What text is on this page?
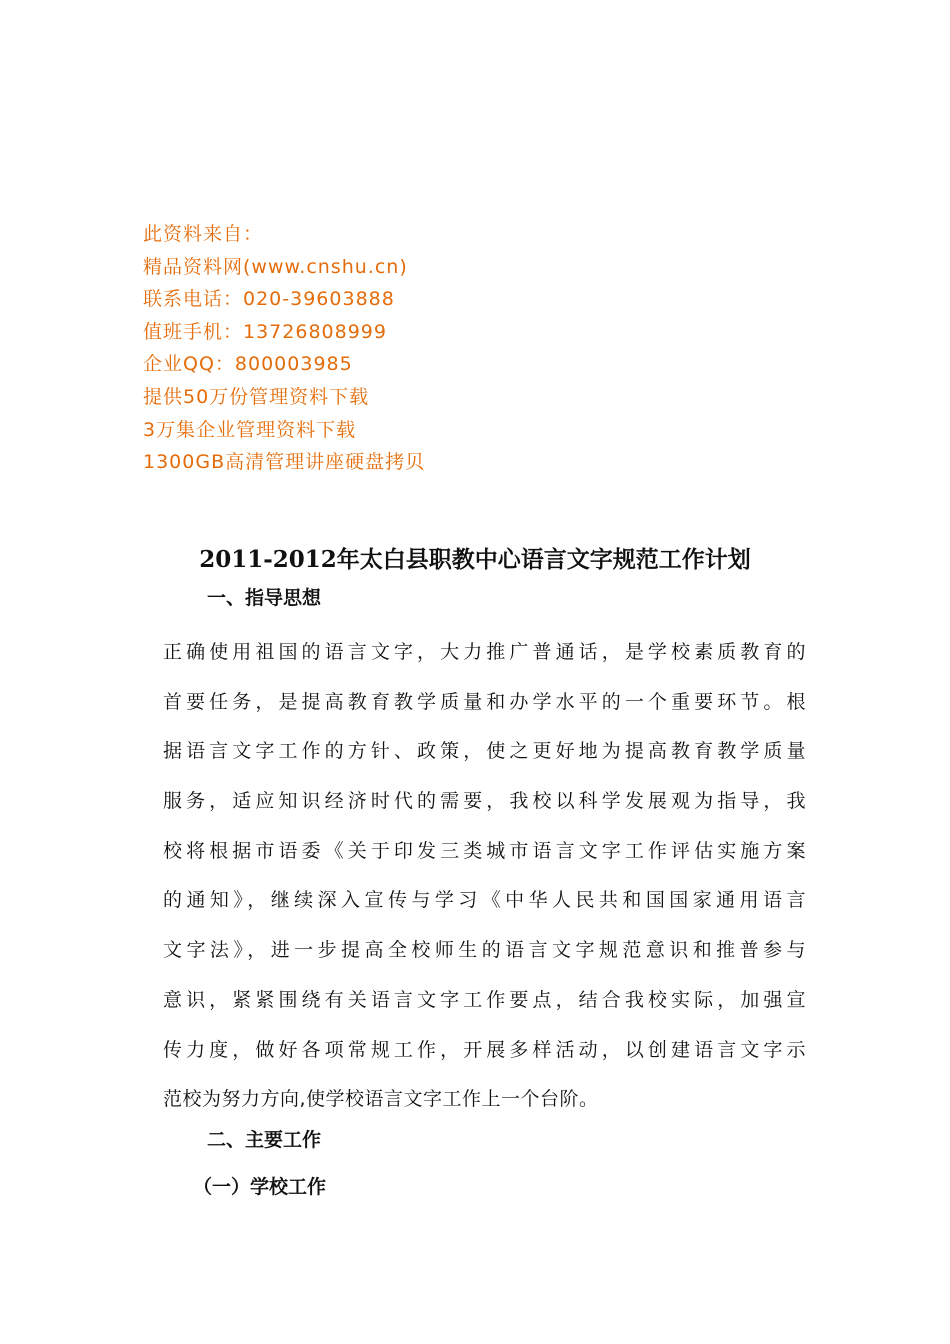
此资料来自：
精品资料网(www.cnshu.cn)
联系电话：020-39603888
值班手机：13726808999
企业QQ：800003985
提供50万份管理资料下载
3万集企业管理资料下载
1300GB高清管理讲座硬盘拷贝
2011-2012年太白县职教中心语言文字规范工作计划
一、指导思想
正确使用祖国的语言文字，大力推广普通话，是学校素质教育的
首要任务，是提高教育教学质量和办学水平的一个重要环节。根
据语言文字工作的方针、政策，使之更好地为提高教育教学质量
服务，适应知识经济时代的需要，我校以科学发展观为指导，我
校将根据市语委《关于印发三类城市语言文字工作评估实施方案
的通知》，继续深入宣传与学习《中华人民共和国国家通用语言
文字法》，进一步提高全校师生的语言文字规范意识和推普参与
意识，紧紧围绕有关语言文字工作要点，结合我校实际，加强宣
传力度，做好各项常规工作，开展多样活动，以创建语言文字示
范校为努力方向,使学校语言文字工作上一个台阶。
二、主要工作
（一）学校工作
